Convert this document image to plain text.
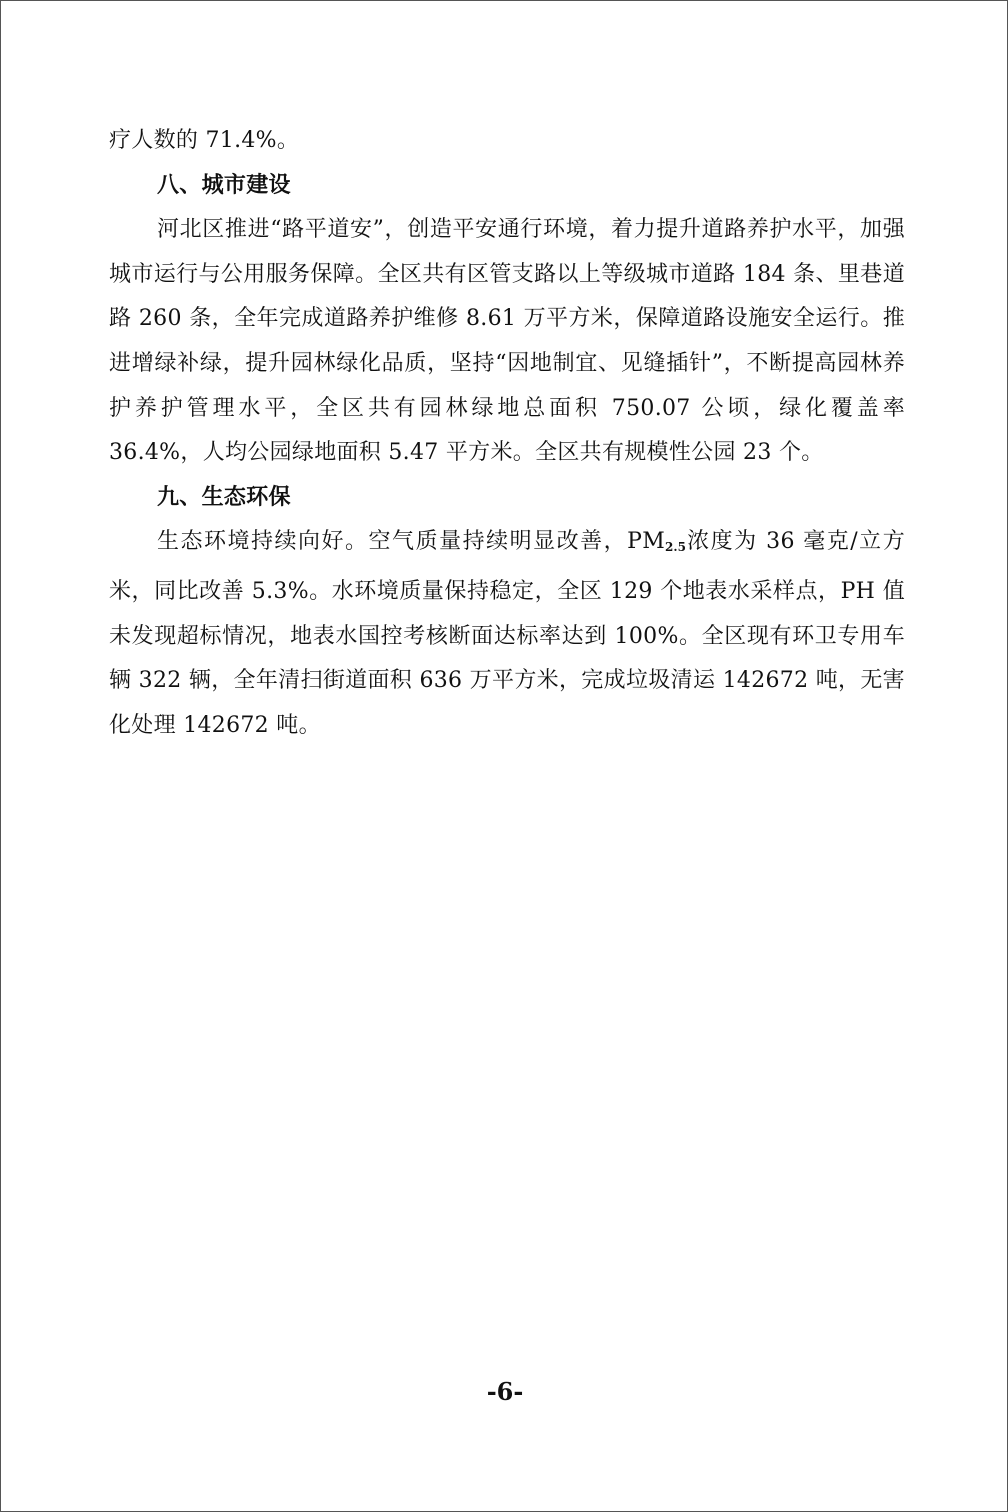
疗人数的 71.4%。

八、城市建设

河北区推进“路平道安”，创造平安通行环境，着力提升道路养护水平，加强城市运行与公用服务保障。全区共有区管支路以上等级城市道路 184 条、里巷道路 260 条，全年完成道路养护维修 8.61 万平方米，保障道路设施安全运行。推进增绿补绿，提升园林绿化品质，坚持“因地制宜、见缝插针”，不断提高园林养护养护管理水平，全区共有园林绿地总面积 750.07 公顷，绿化覆盖率 36.4%，人均公园绿地面积 5.47 平方米。全区共有规模性公园 23 个。

九、生态环保

生态环境持续向好。空气质量持续明显改善，$PM_{2.5}$浓度为 36 毫克/立方米，同比改善 5.3%。水环境质量保持稳定，全区 129 个地表水采样点，PH 值未发现超标情况，地表水国控考核断面达标率达到 100%。全区现有环卫专用车辆 322 辆，全年清扫街道面积 636 万平方米，完成垃圾清运 142672 吨，无害化处理 142672 吨。

-6-
